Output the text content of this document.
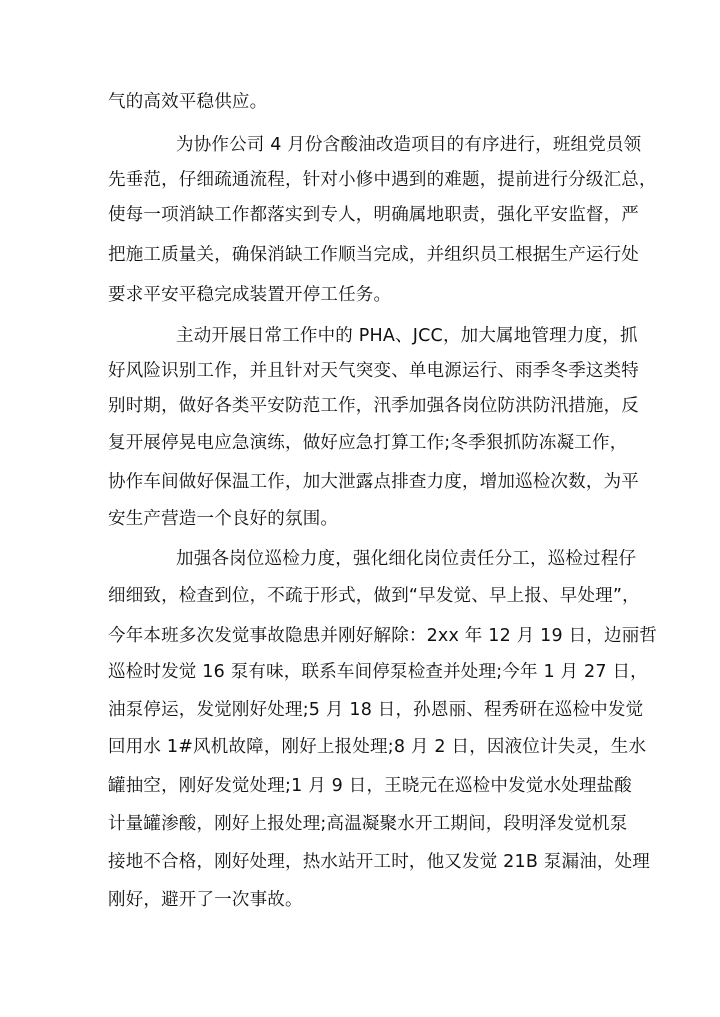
气的高效平稳供应。
为协作公司 4 月份含酸油改造项目的有序进行，班组党员领
先垂范，仔细疏通流程，针对小修中遇到的难题，提前进行分级汇总，
使每一项消缺工作都落实到专人，明确属地职责，强化平安监督，严
把施工质量关，确保消缺工作顺当完成，并组织员工根据生产运行处
要求平安平稳完成装置开停工任务。
主动开展日常工作中的 PHA、JCC，加大属地管理力度，抓
好风险识别工作，并且针对天气突变、单电源运行、雨季冬季这类特
别时期，做好各类平安防范工作，汛季加强各岗位防洪防汛措施，反
复开展停晃电应急演练，做好应急打算工作;冬季狠抓防冻凝工作，
协作车间做好保温工作，加大泄露点排查力度，增加巡检次数，为平
安生产营造一个良好的氛围。
加强各岗位巡检力度，强化细化岗位责任分工，巡检过程仔
细细致，检查到位，不疏于形式，做到“早发觉、早上报、早处理”，
今年本班多次发觉事故隐患并刚好解除：2xx 年 12 月 19 日，边丽哲
巡检时发觉 16 泵有味，联系车间停泵检查并处理;今年 1 月 27 日，
油泵停运，发觉刚好处理;5 月 18 日，孙恩丽、程秀研在巡检中发觉
回用水 1#风机故障，刚好上报处理;8 月 2 日，因液位计失灵，生水
罐抽空，刚好发觉处理;1 月 9 日，王晓元在巡检中发觉水处理盐酸
计量罐渗酸，刚好上报处理;高温凝聚水开工期间，段明泽发觉机泵
接地不合格，刚好处理，热水站开工时，他又发觉 21B 泵漏油，处理
刚好，避开了一次事故。
